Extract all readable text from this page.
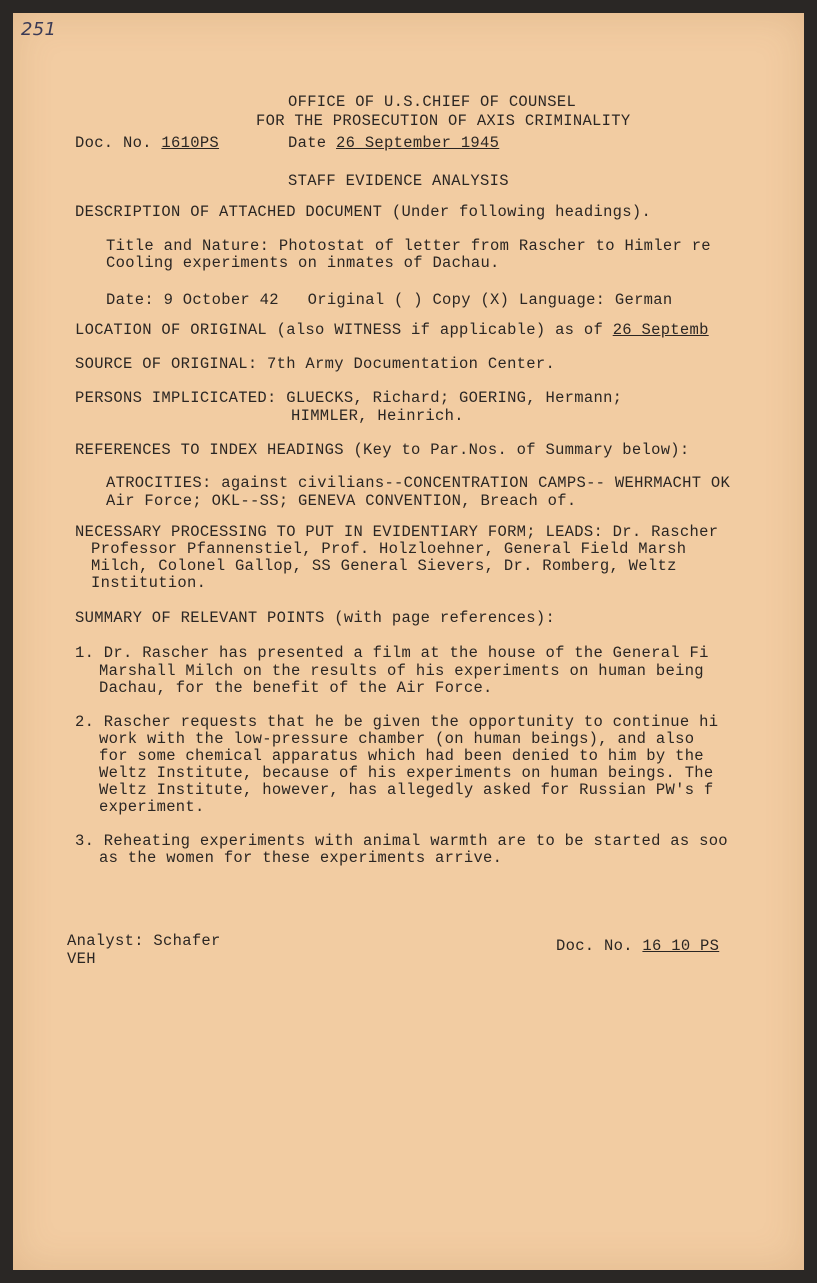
251
OFFICE OF U.S.CHIEF OF COUNSEL
FOR THE PROSECUTION OF AXIS CRIMINALITY
Doc. No. 1610PS	Date 26 September 1945
STAFF EVIDENCE ANALYSIS
DESCRIPTION OF ATTACHED DOCUMENT (Under following headings).
Title and Nature: Photostat of letter from Rascher to Himler re
Cooling experiments on inmates of Dachau.
Date: 9 October 42   Original ( ) Copy (X) Language: German
LOCATION OF ORIGINAL (also WITNESS if applicable) as of 26 Septemb
SOURCE OF ORIGINAL: 7th Army Documentation Center.
PERSONS IMPLICICATED: GLUECKS, Richard; GOERING, Hermann;
HIMMLER, Heinrich.
REFERENCES TO INDEX HEADINGS (Key to Par.Nos. of Summary below):
ATROCITIES: against civilians--CONCENTRATION CAMPS-- WEHRMACHT OK
Air Force; OKL--SS; GENEVA CONVENTION, Breach of.
NECESSARY PROCESSING TO PUT IN EVIDENTIARY FORM; LEADS: Dr. Rascher
Professor Pfannenstiel, Prof. Holzloehner, General Field Marsh
Milch, Colonel Gallop, SS General Sievers, Dr. Romberg, Weltz
Institution.
SUMMARY OF RELEVANT POINTS (with page references):
1. Dr. Rascher has presented a film at the house of the General Fi
Marshall Milch on the results of his experiments on human being
Dachau, for the benefit of the Air Force.
2. Rascher requests that he be given the opportunity to continue hi
work with the low-pressure chamber (on human beings), and also
for some chemical apparatus which had been denied to him by the
Weltz Institute, because of his experiments on human beings. The
Weltz Institute, however, has allegedly asked for Russian PW's f
experiment.
3. Reheating experiments with animal warmth are to be started as soo
as the women for these experiments arrive.
Analyst: Schafer
VEH
Doc. No. 16 10 PS
